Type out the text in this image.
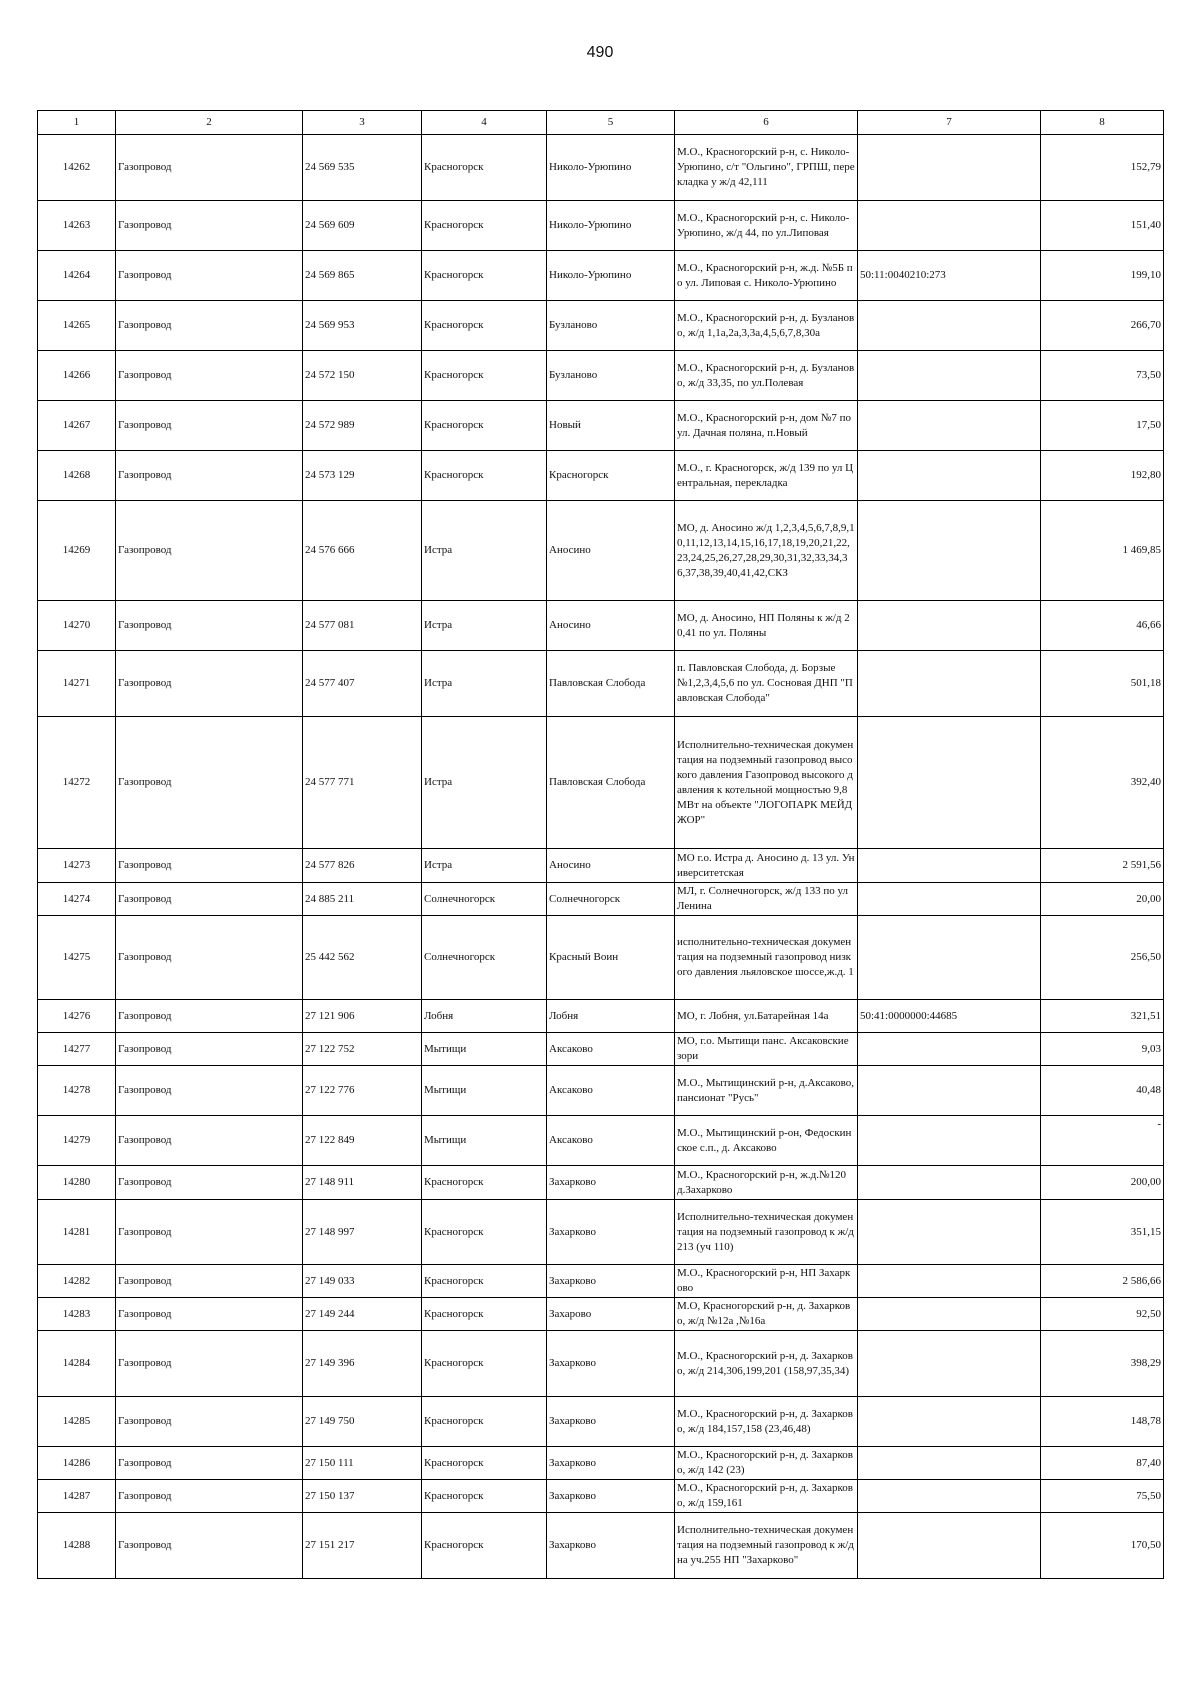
490
1	2	3	4	5	6	7	8
14262	Газопровод	24 569 535	Красногорск	Николо-Урюпино	М.О., Красногорский р-н, с. Николо-Урюпино, с/т "Ольгино", ГРПШ, перекладка у ж/д 42,111		152,79
14263	Газопровод	24 569 609	Красногорск	Николо-Урюпино	М.О., Красногорский р-н, с. Николо-Урюпино, ж/д 44, по ул.Липовая		151,40
14264	Газопровод	24 569 865	Красногорск	Николо-Урюпино	М.О., Красногорский р-н, ж.д. №5Б по ул. Липовая с. Николо-Урюпино	50:11:0040210:273	199,10
14265	Газопровод	24 569 953	Красногорск	Бузланово	М.О., Красногорский р-н, д. Бузланово, ж/д 1,1а,2а,3,3а,4,5,6,7,8,30а		266,70
14266	Газопровод	24 572 150	Красногорск	Бузланово	М.О., Красногорский р-н, д. Бузланово, ж/д 33,35, по ул.Полевая		73,50
14267	Газопровод	24 572 989	Красногорск	Новый	М.О., Красногорский р-н, дом №7 по ул. Дачная поляна, п.Новый		17,50
14268	Газопровод	24 573 129	Красногорск	Красногорск	М.О., г. Красногорск, ж/д 139 по ул Центральная, перекладка		192,80
14269	Газопровод	24 576 666	Истра	Аносино	МО, д. Аносино ж/д 1,2,3,4,5,6,7,8,9,10,11,12,13,14,15,16,17,18,19,20,21,22,23,24,25,26,27,28,29,30,31,32,33,34,36,37,38,39,40,41,42,СКЗ		1 469,85
14270	Газопровод	24 577 081	Истра	Аносино	МО, д. Аносино, НП Поляны к ж/д 20,41 по ул. Поляны		46,66
14271	Газопровод	24 577 407	Истра	Павловская Слобода	п. Павловская Слобода, д. Борзые №1,2,3,4,5,6 по ул. Сосновая ДНП "Павловская Слобода"		501,18
14272	Газопровод	24 577 771	Истра	Павловская Слобода	Исполнительно-техническая документация на подземный газопровод высокого давления Газопровод высокого давления к котельной мощностью 9,8 МВт на объекте "ЛОГОПАРК МЕЙДЖОР"		392,40
14273	Газопровод	24 577 826	Истра	Аносино	МО г.о. Истра д. Аносино д. 13 ул. Университетская		2 591,56
14274	Газопровод	24 885 211	Солнечногорск	Солнечногорск	МЛ, г. Солнечногорск, ж/д 133 по ул Ленина		20,00
14275	Газопровод	25 442 562	Солнечногорск	Красный Воин	исполнительно-техническая документация на подземный газопровод низкого давления льяловское шоссе,ж.д. 1		256,50
14276	Газопровод	27 121 906	Лобня	Лобня	МО, г. Лобня, ул.Батарейная 14а	50:41:0000000:44685	321,51
14277	Газопровод	27 122 752	Мытищи	Аксаково	МО, г.о. Мытищи панс. Аксаковские зори		9,03
14278	Газопровод	27 122 776	Мытищи	Аксаково	М.О., Мытищинский р-н, д.Аксаково,пансионат "Русь"		40,48
14279	Газопровод	27 122 849	Мытищи	Аксаково	М.О., Мытищинский р-он, Федоскинское с.п., д. Аксаково		-
14280	Газопровод	27 148 911	Красногорск	Захарково	М.О., Красногорский р-н, ж.д.№120 д.Захарково		200,00
14281	Газопровод	27 148 997	Красногорск	Захарково	Исполнительно-техническая документация на подземный газопровод к ж/д 213 (уч 110)		351,15
14282	Газопровод	27 149 033	Красногорск	Захарково	М.О., Красногорский р-н, НП Захарково		2 586,66
14283	Газопровод	27 149 244	Красногорск	Захарово	М.О, Красногорский р-н, д. Захарково, ж/д №12а ,№16а		92,50
14284	Газопровод	27 149 396	Красногорск	Захарково	М.О., Красногорский р-н, д. Захарково, ж/д 214,306,199,201 (158,97,35,34)		398,29
14285	Газопровод	27 149 750	Красногорск	Захарково	М.О., Красногорский р-н, д. Захарково, ж/д 184,157,158 (23,46,48)		148,78
14286	Газопровод	27 150 111	Красногорск	Захарково	М.О., Красногорский р-н, д. Захарково, ж/д 142 (23)		87,40
14287	Газопровод	27 150 137	Красногорск	Захарково	М.О., Красногорский р-н, д. Захарково, ж/д 159,161		75,50
14288	Газопровод	27 151 217	Красногорск	Захарково	Исполнительно-техническая документация на подземный газопровод к ж/д на уч.255 НП "Захарково"		170,50
